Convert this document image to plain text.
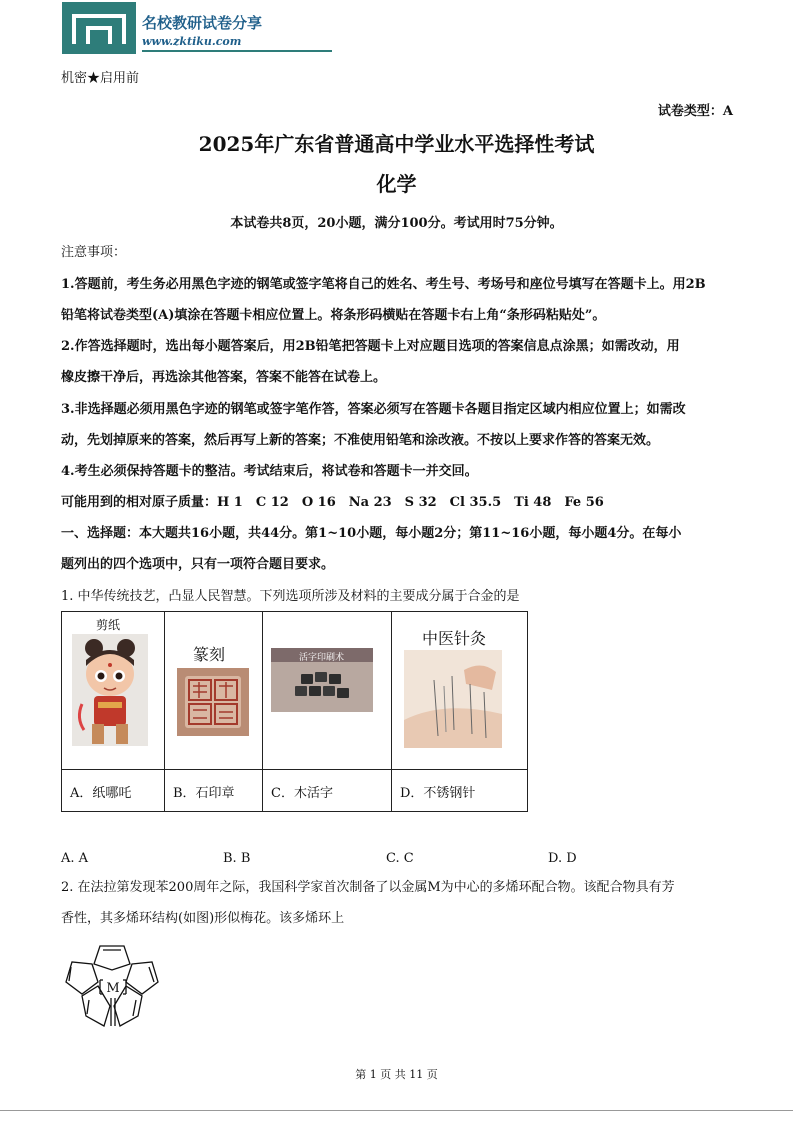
名校教研试卷分享
www.zktiku.com
机密★启用前
试卷类型：A
2025年广东省普通高中学业水平选择性考试
化学
本试卷共8页，20小题，满分100分。考试用时75分钟。
注意事项：
1.答题前，考生务必用黑色字迹的钢笔或签字笔将自己的姓名、考生号、考场号和座位号填写在答题卡上。用2B
铅笔将试卷类型(A)填涂在答题卡相应位置上。将条形码横贴在答题卡右上角“条形码粘贴处”。
2.作答选择题时，选出每小题答案后，用2B铅笔把答题卡上对应题目选项的答案信息点涂黑；如需改动，用
橡皮擦干净后，再选涂其他答案，答案不能答在试卷上。
3.非选择题必须用黑色字迹的钢笔或签字笔作答，答案必须写在答题卡各题目指定区域内相应位置上；如需改
动，先划掉原来的答案，然后再写上新的答案；不准使用铅笔和涂改液。不按以上要求作答的答案无效。
4.考生必须保持答题卡的整洁。考试结束后，将试卷和答题卡一并交回。
可能用到的相对原子质量：H 1　C 12　O 16　Na 23　S 32　Cl 35.5　Ti 48　Fe 56
一、选择题：本大题共16小题，共44分。第1~10小题，每小题2分；第11~16小题，每小题4分。在每小
题列出的四个选项中，只有一项符合题目要求。
1. 中华传统技艺，凸显人民智慧。下列选项所涉及材料的主要成分属于合金的是
剪纸	篆刻	活字印刷术	中医针灸

A．纸哪吒	B．石印章	C．木活字	D．不锈钢针
A. A	B. B	C. C	D. D
2. 在法拉第发现苯200周年之际，我国科学家首次制备了以金属M为中心的多烯环配合物。该配合物具有芳
香性，其多烯环结构(如图)形似梅花。该多烯环上
M
第 1 页 共 11 页
